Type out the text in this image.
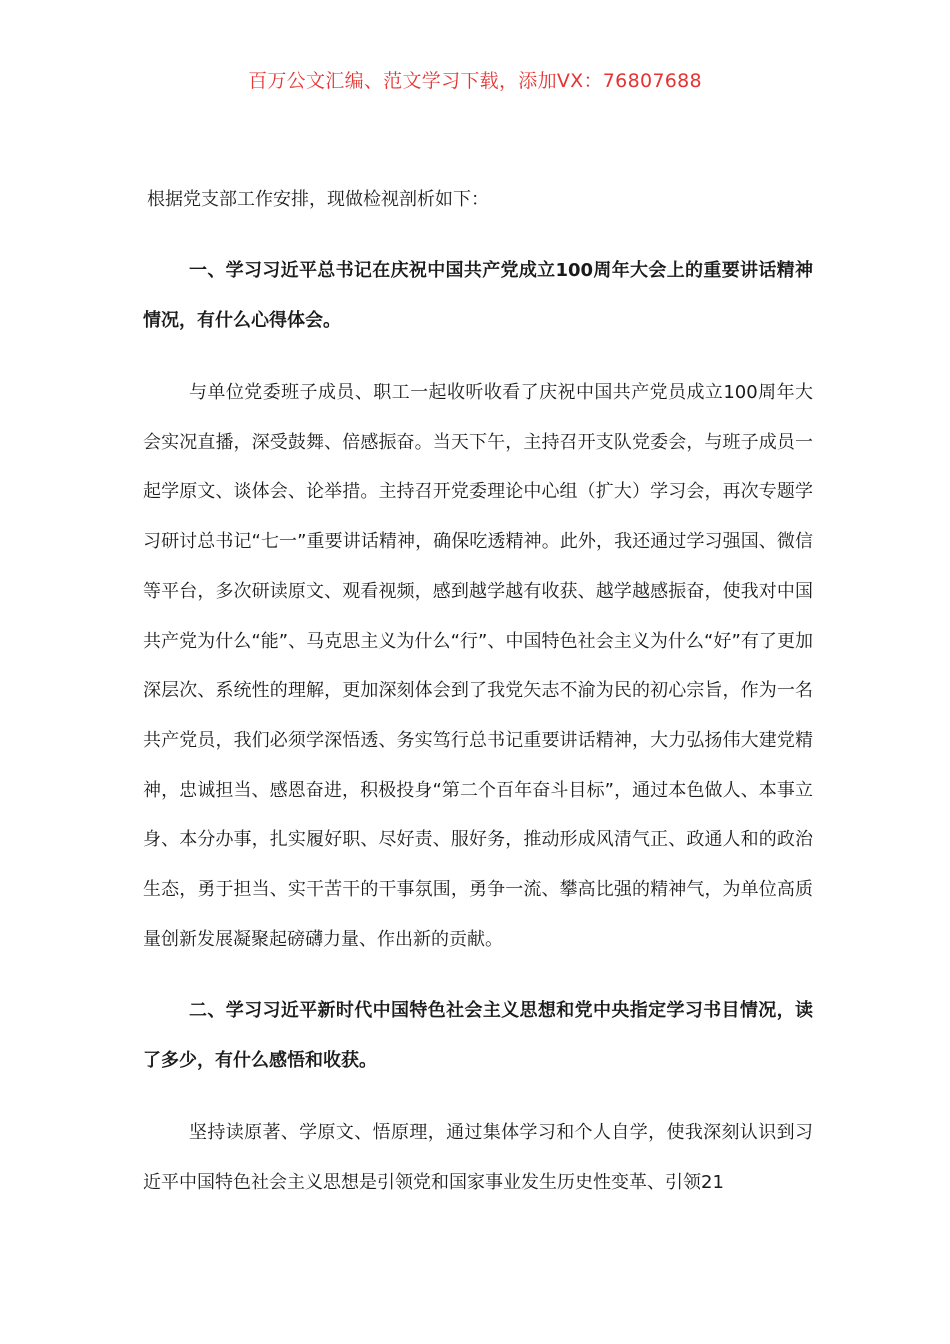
百万公文汇编、范文学习下载，添加VX：76807688

根据党支部工作安排，现做检视剖析如下：

一、学习习近平总书记在庆祝中国共产党成立100周年大会上的重要讲话精神情况，有什么心得体会。

与单位党委班子成员、职工一起收听收看了庆祝中国共产党员成立100周年大会实况直播，深受鼓舞、倍感振奋。当天下午，主持召开支队党委会，与班子成员一起学原文、谈体会、论举措。主持召开党委理论中心组（扩大）学习会，再次专题学习研讨总书记“七一”重要讲话精神，确保吃透精神。此外，我还通过学习强国、微信等平台，多次研读原文、观看视频，感到越学越有收获、越学越感振奋，使我对中国共产党为什么“能”、马克思主义为什么“行”、中国特色社会主义为什么“好”有了更加深层次、系统性的理解，更加深刻体会到了我党矢志不渝为民的初心宗旨，作为一名共产党员，我们必须学深悟透、务实笃行总书记重要讲话精神，大力弘扬伟大建党精神，忠诚担当、感恩奋进，积极投身“第二个百年奋斗目标”，通过本色做人、本事立身、本分办事，扎实履好职、尽好责、服好务，推动形成风清气正、政通人和的政治生态，勇于担当、实干苦干的干事氛围，勇争一流、攀高比强的精神气，为单位高质量创新发展凝聚起磅礴力量、作出新的贡献。

二、学习习近平新时代中国特色社会主义思想和党中央指定学习书目情况，读了多少，有什么感悟和收获。

坚持读原著、学原文、悟原理，通过集体学习和个人自学，使我深刻认识到习近平中国特色社会主义思想是引领党和国家事业发生历史性变革、引领21
